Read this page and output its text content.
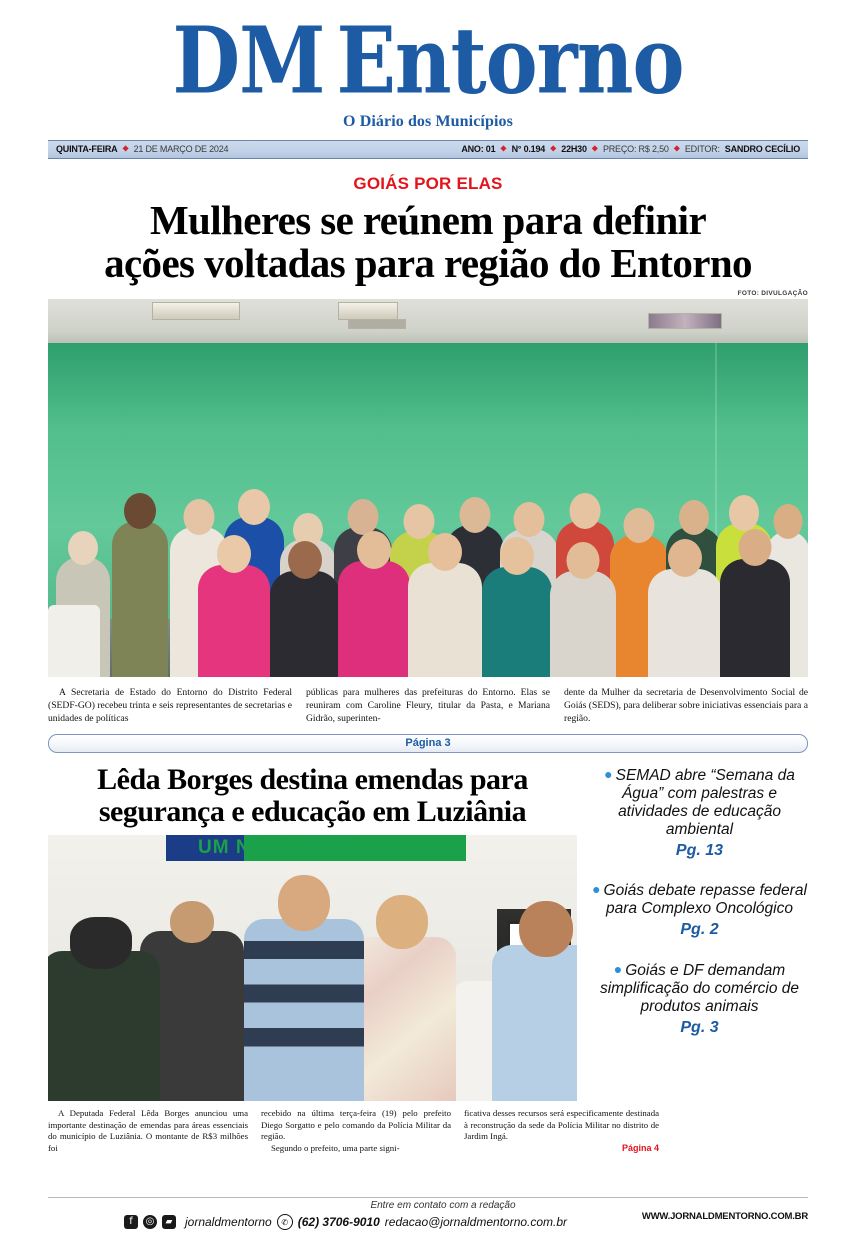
DM Entorno
O Diário dos Municípios
QUINTA-FEIRA ◆ 21 DE MARÇO DE 2024	ANO: 01 ◆ N° 0.194 ◆ 22H30 ◆ PREÇO: R$ 2,50 ◆ EDITOR: SANDRO CECÍLIO
GOIÁS POR ELAS
Mulheres se reúnem para definir
ações voltadas para região do Entorno
FOTO: DIVULGAÇÃO

A Secretaria de Estado do Entorno do Distrito Federal (SEDF-GO) recebeu trinta e seis representantes de secretarias e unidades de políticas

públicas para mulheres das prefeituras do Entorno. Elas se reuniram com Caroline Fleury, titular da Pasta, e Mariana Gidrão, superinten-

dente da Mulher da secretaria de Desenvolvimento Social de Goiás (SEDS), para deliberar sobre iniciativas essenciais para a região.

Página 3
Lêda Borges destina emendas para
segurança e educação em Luziânia
UM NOVO TEMPO CO
● SEMAD abre “Semana da Água” com palestras e atividades de educação ambiental
Pg. 13
● Goiás debate repasse federal para Complexo Oncológico
Pg. 2
● Goiás e DF demandam simplificação do comércio de produtos animais
Pg. 3

A Deputada Federal Lêda Borges anunciou uma importante destinação de emendas para áreas essenciais do município de Luziânia. O montante de R$3 milhões foi

recebido na última terça-feira (19) pelo prefeito Diego Sorgatto e pelo comando da Polícia Militar da região.

Segundo o prefeito, uma parte signi-

ficativa desses recursos será especificamente destinada à reconstrução da sede da Polícia Militar no distrito de Jardim Ingá.

Página 4
Entre em contato com a redação
f	◎	▰ jornaldmentorno	✆ (62) 3706-9010 redacao@jornaldmentorno.com.br	WWW.JORNALDMENTORNO.COM.BR
